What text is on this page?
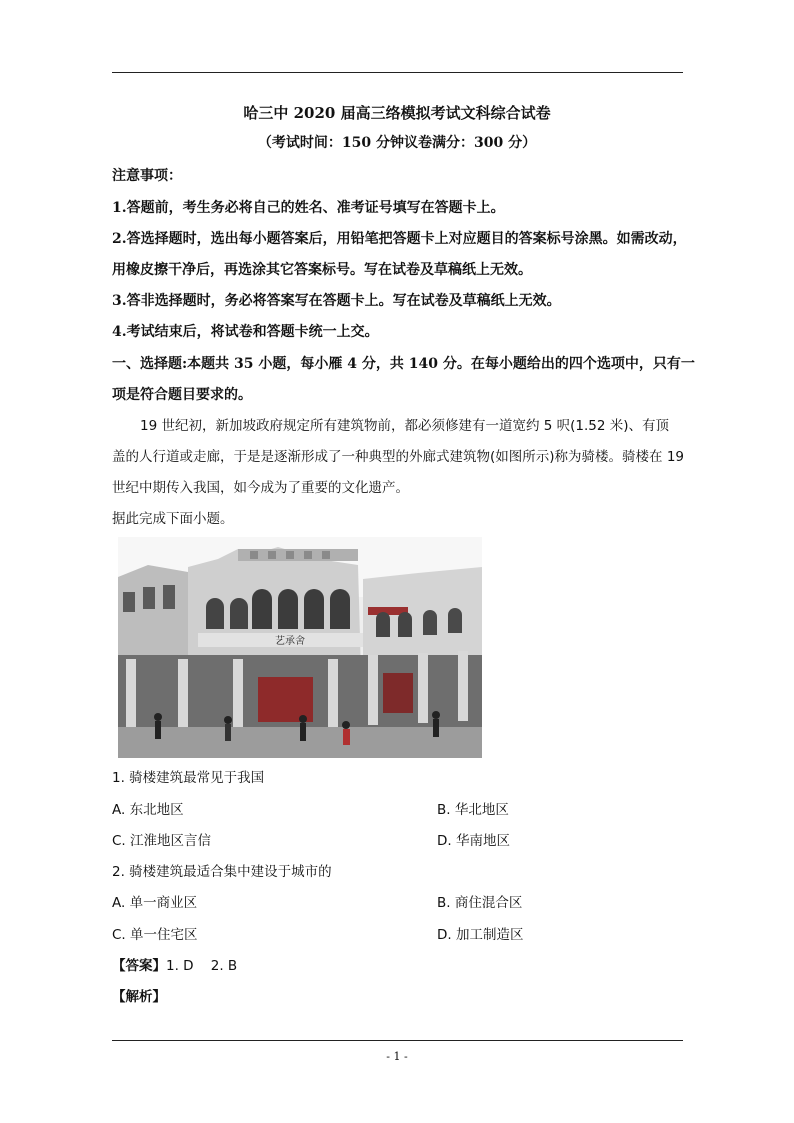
哈三中 2020 届高三络模拟考试文科综合试卷
（考试时间：150 分钟议卷满分：300 分）
注意事项：
1.答题前，考生务必将自己的姓名、准考证号填写在答题卡上。
2.答选择题时，选出每小题答案后，用铅笔把答题卡上对应题目的答案标号涂黑。如需改动，
用橡皮擦干净后，再选涂其它答案标号。写在试卷及草稿纸上无效。
3.答非选择题时，务必将答案写在答题卡上。写在试卷及草稿纸上无效。
4.考试结束后，将试卷和答题卡统一上交。
一、选择题:本题共 35 小题，每小雁 4 分，共 140 分。在每小题给出的四个选项中，只有一
项是符合题目要求的。
19 世纪初，新加坡政府规定所有建筑物前，都必须修建有一道宽约 5 呎(1.52 米)、有顶
盖的人行道或走廊，于是是逐渐形成了一种典型的外廊式建筑物(如图所示)称为骑楼。骑楼在 19
世纪中期传入我国，如今成为了重要的文化遗产。
据此完成下面小题。
艺承舍
1. 骑楼建筑最常见于我国
A. 东北地区	B. 华北地区
C. 江淮地区言信	D. 华南地区
2. 骑楼建筑最适合集中建设于城市的
A. 单一商业区	B. 商住混合区
C. 单一住宅区	D. 加工制造区
【答案】1. D    2. B
【解析】
- 1 -
